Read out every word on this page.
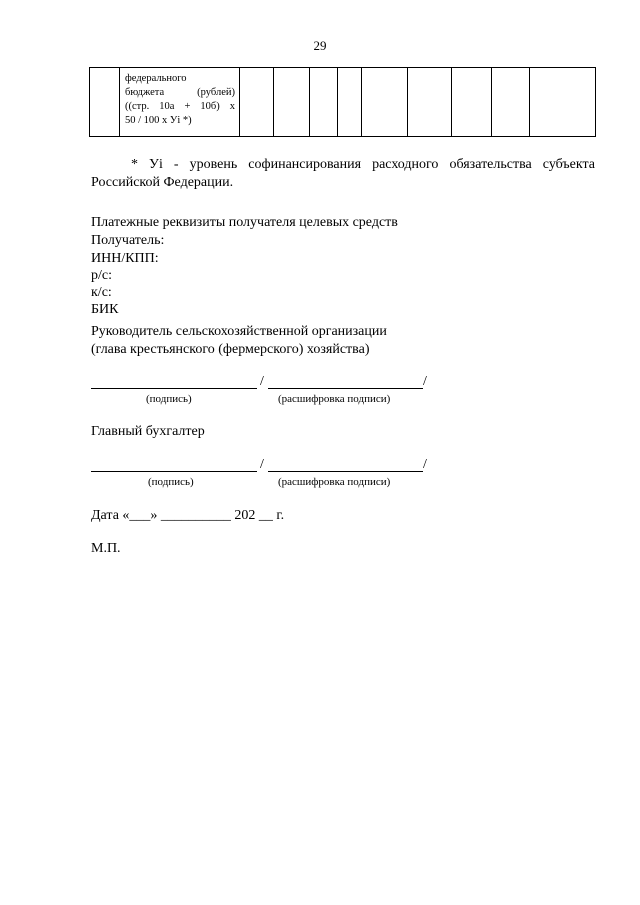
29

федерального
бюджета	(рублей)
((стр. 10а + 10б) х
50 / 100 х Уi *)

* Уi - уровень софинансирования расходного обязательства субъекта
Российской Федерации.
Платежные реквизиты получателя целевых средств
Получатель:
ИНН/КПП:
р/с:
к/с:
БИК
Руководитель сельскохозяйственной организации
(глава крестьянского (фермерского) хозяйства)
/	/
(подпись)	(расшифровка подписи)
Главный бухгалтер
/	/
(подпись)	(расшифровка подписи)
Дата «___» __________ 202 __ г.
М.П.
